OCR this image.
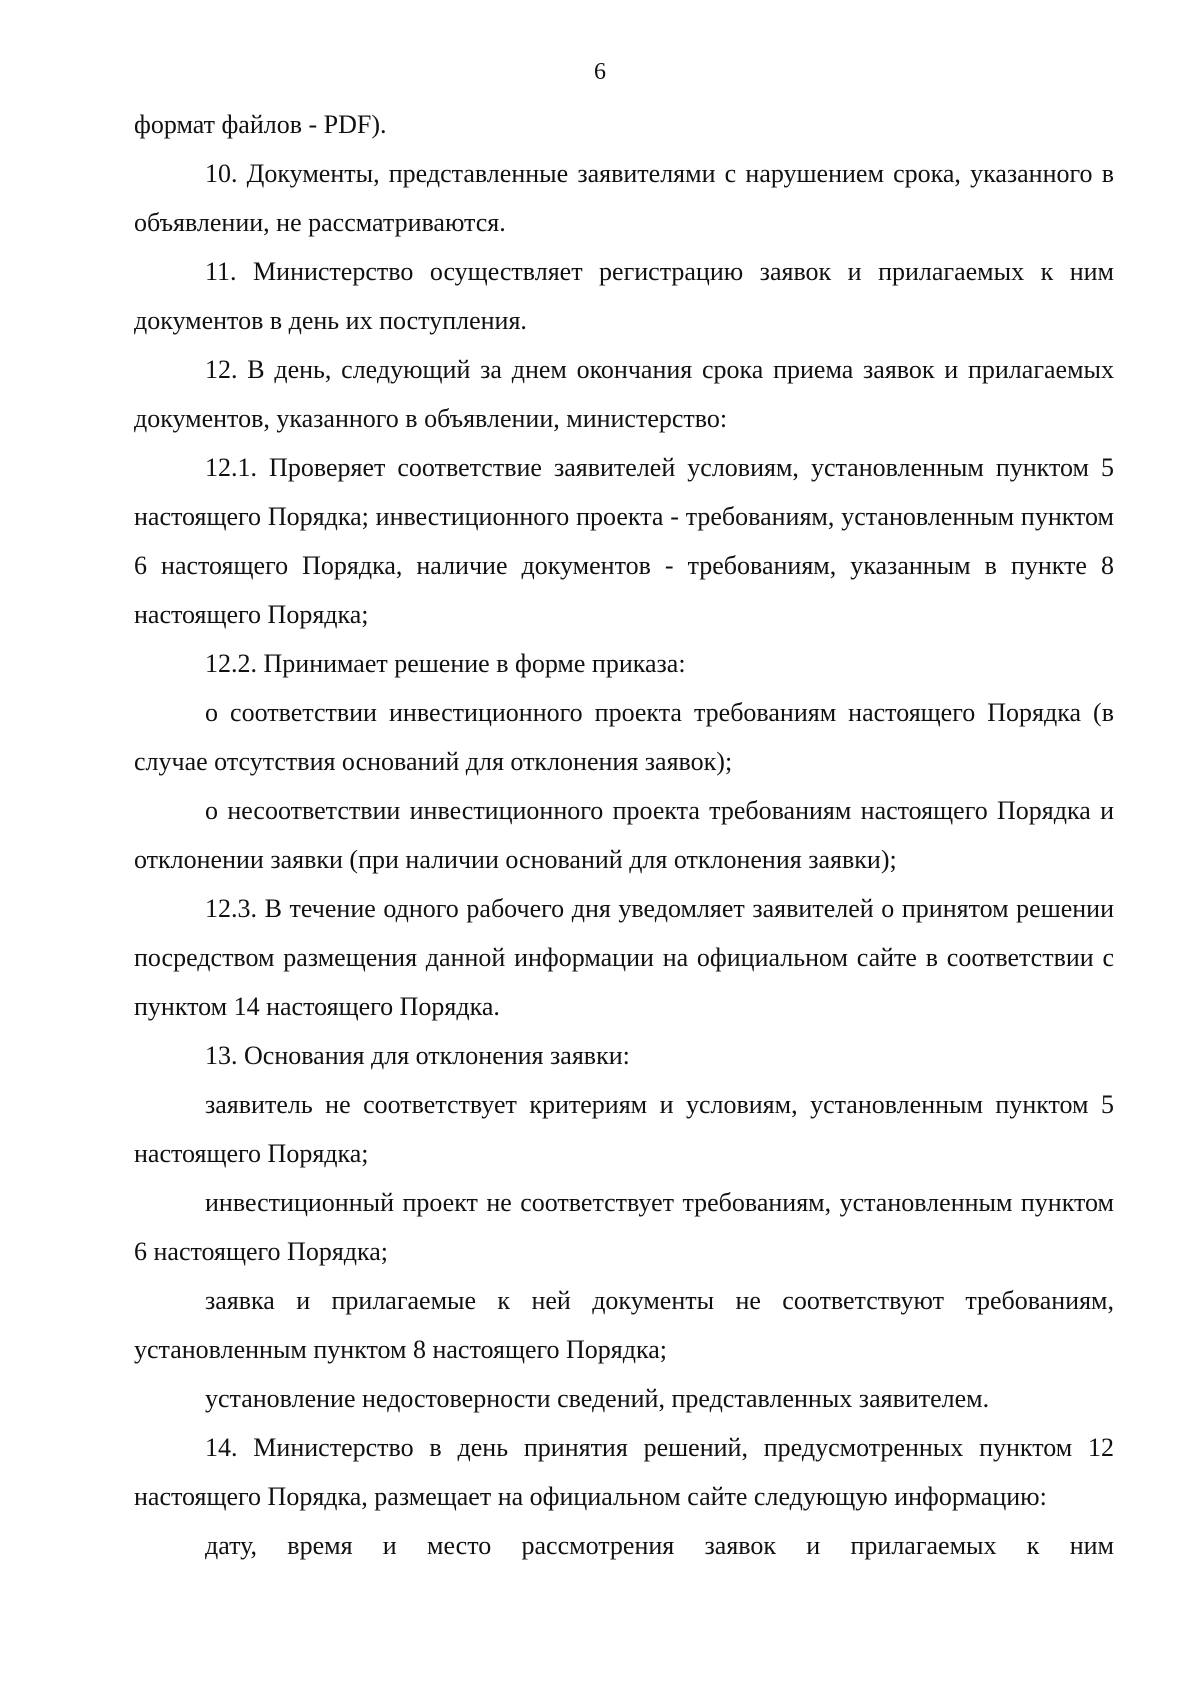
6

формат файлов - PDF).

10. Документы, представленные заявителями с нарушением срока, указанного в объявлении, не рассматриваются.

11. Министерство осуществляет регистрацию заявок и прилагаемых к ним документов в день их поступления.

12. В день, следующий за днем окончания срока приема заявок и прилагаемых документов, указанного в объявлении, министерство:

12.1. Проверяет соответствие заявителей условиям, установленным пунктом 5 настоящего Порядка; инвестиционного проекта - требованиям, установленным пунктом 6 настоящего Порядка, наличие документов - требованиям, указанным в пункте 8 настоящего Порядка;

12.2. Принимает решение в форме приказа:

о соответствии инвестиционного проекта требованиям настоящего Порядка (в случае отсутствия оснований для отклонения заявок);

о несоответствии инвестиционного проекта требованиям настоящего Порядка и отклонении заявки (при наличии оснований для отклонения заявки);

12.3. В течение одного рабочего дня уведомляет заявителей о принятом решении посредством размещения данной информации на официальном сайте в соответствии с пунктом 14 настоящего Порядка.

13. Основания для отклонения заявки:

заявитель не соответствует критериям и условиям, установленным пунктом 5 настоящего Порядка;

инвестиционный проект не соответствует требованиям, установленным пунктом 6 настоящего Порядка;

заявка и прилагаемые к ней документы не соответствуют требованиям, установленным пунктом 8 настоящего Порядка;

установление недостоверности сведений, представленных заявителем.

14. Министерство в день принятия решений, предусмотренных пунктом 12 настоящего Порядка, размещает на официальном сайте следующую информацию:

дату, время и место рассмотрения заявок и прилагаемых к ним
